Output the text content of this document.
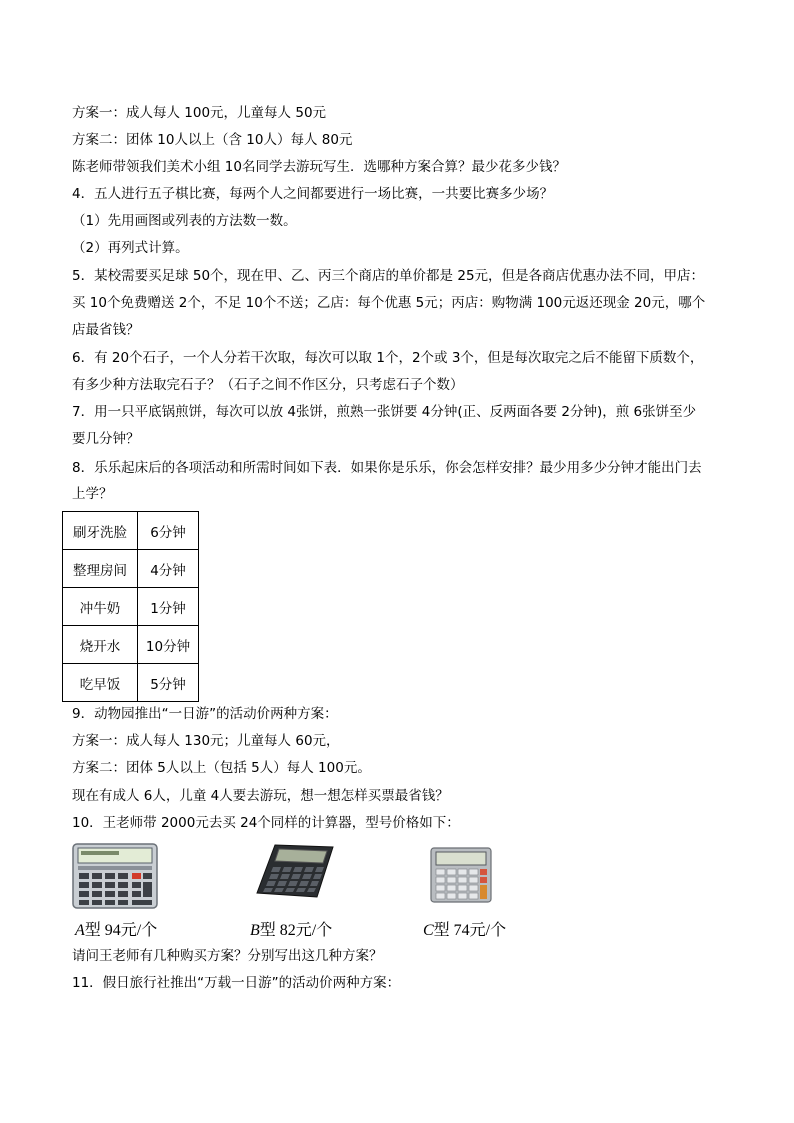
方案一：成人每人 100元，儿童每人 50元
方案二：团体 10人以上（含 10人）每人 80元
陈老师带领我们美术小组 10名同学去游玩写生．选哪种方案合算？最少花多少钱？
4．五人进行五子棋比赛，每两个人之间都要进行一场比赛，一共要比赛多少场？
（1）先用画图或列表的方法数一数。
（2）再列式计算。
5．某校需要买足球 50个，现在甲、乙、丙三个商店的单价都是 25元，但是各商店优惠办法不同，甲店：
买 10个免费赠送 2个，不足 10个不送；乙店：每个优惠 5元；丙店：购物满 100元返还现金 20元，哪个
店最省钱？
6．有 20个石子，一个人分若干次取，每次可以取 1个，2个或 3个，但是每次取完之后不能留下质数个，
有多少种方法取完石子？（石子之间不作区分，只考虑石子个数）
7．用一只平底锅煎饼，每次可以放 4张饼，煎熟一张饼要 4分钟(正、反两面各要 2分钟)，煎 6张饼至少
要几分钟？
8．乐乐起床后的各项活动和所需时间如下表．如果你是乐乐，你会怎样安排？最少用多少分钟才能出门去
上学？
刷牙洗脸	6分钟
整理房间	4分钟
冲牛奶	1分钟
烧开水	10分钟
吃早饭	5分钟
9．动物园推出“一日游”的活动价两种方案：
方案一：成人每人 130元；儿童每人 60元，
方案二：团体 5人以上（包括 5人）每人 100元。
现在有成人 6人，儿童 4人要去游玩，想一想怎样买票最省钱？
10．王老师带 2000元去买 24个同样的计算器，型号价格如下：
A型 94元/个	B型 82元/个	C型 74元/个
请问王老师有几种购买方案？分别写出这几种方案？
11．假日旅行社推出“万载一日游”的活动价两种方案：
